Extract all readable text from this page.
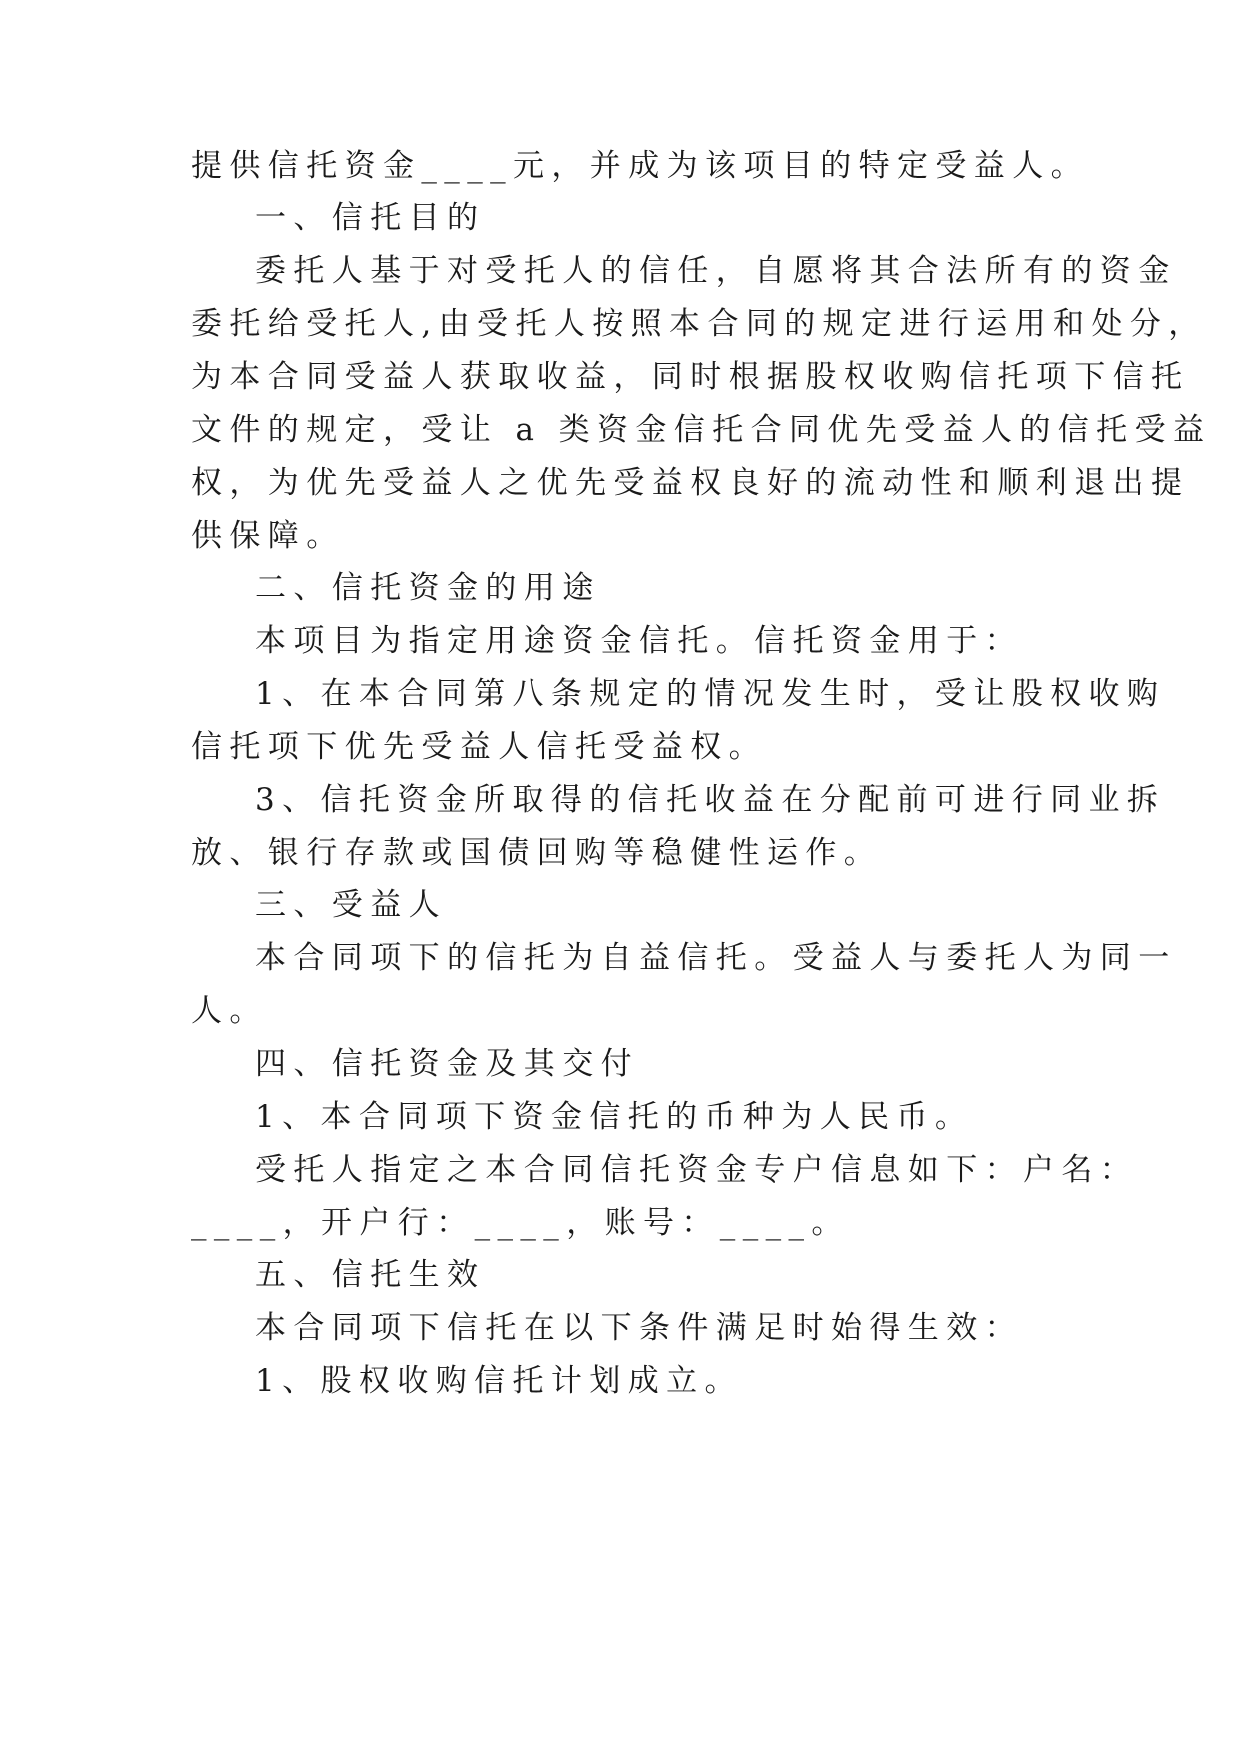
提供信托资金____元，并成为该项目的特定受益人。
一、信托目的
委托人基于对受托人的信任，自愿将其合法所有的资金
委托给受托人,由受托人按照本合同的规定进行运用和处分，
为本合同受益人获取收益，同时根据股权收购信托项下信托
文件的规定，受让 a 类资金信托合同优先受益人的信托受益
权，为优先受益人之优先受益权良好的流动性和顺利退出提
供保障。
二、信托资金的用途
本项目为指定用途资金信托。信托资金用于：
1、在本合同第八条规定的情况发生时，受让股权收购
信托项下优先受益人信托受益权。
3、信托资金所取得的信托收益在分配前可进行同业拆
放、银行存款或国债回购等稳健性运作。
三、受益人
本合同项下的信托为自益信托。受益人与委托人为同一
人。
四、信托资金及其交付
1、本合同项下资金信托的币种为人民币。
受托人指定之本合同信托资金专户信息如下：户名：
____，开户行：____，账号：____。
五、信托生效
本合同项下信托在以下条件满足时始得生效：
1、股权收购信托计划成立。
